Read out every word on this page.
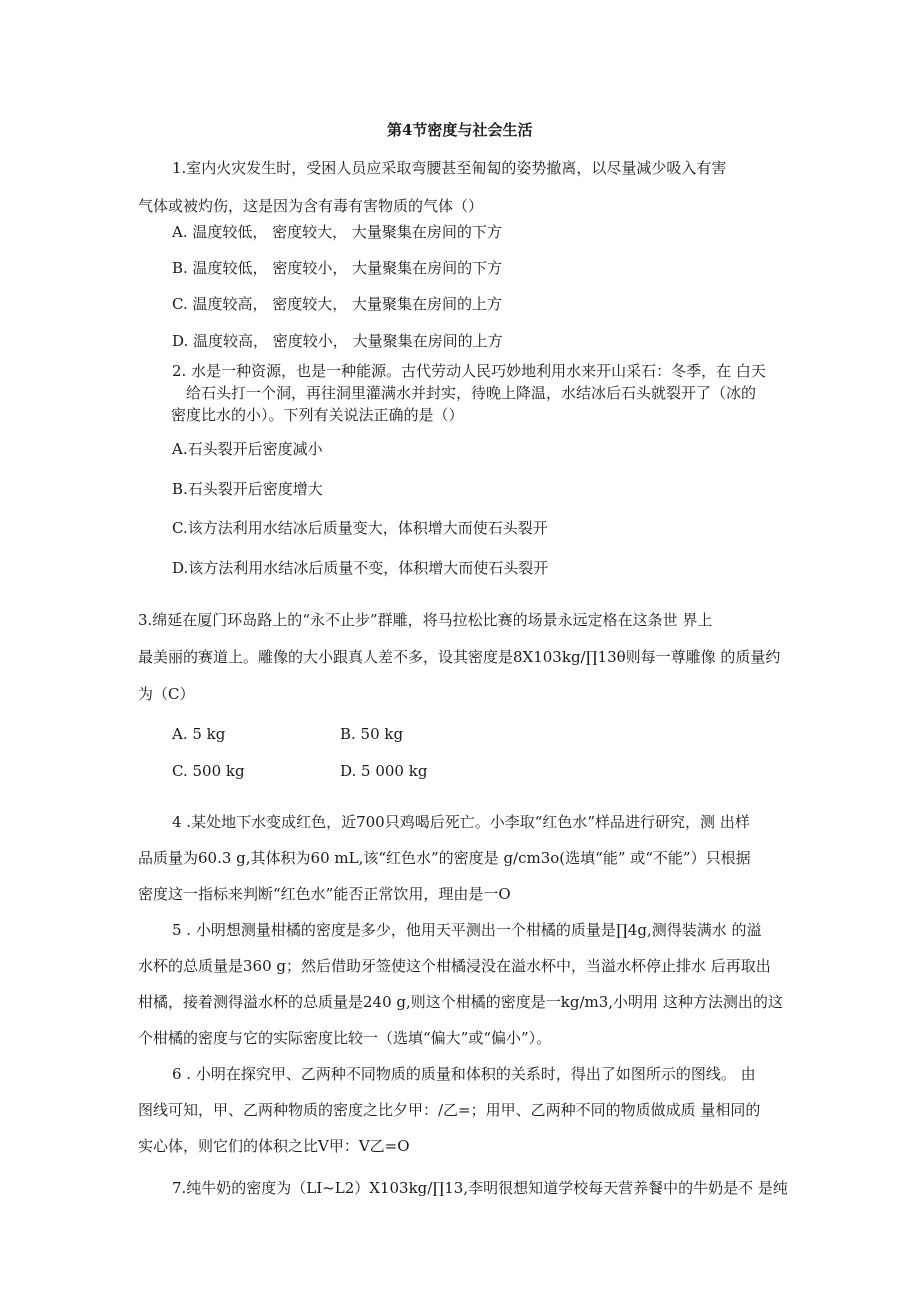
第4节密度与社会生活
1.室内火灾发生时，受困人员应采取弯腰甚至匍匐的姿势撤离，以尽量减少吸入有害
气体或被灼伤，这是因为含有毒有害物质的气体（）
A. 温度较低， 密度较大， 大量聚集在房间的下方
B. 温度较低， 密度较小， 大量聚集在房间的下方
C. 温度较高， 密度较大， 大量聚集在房间的上方
D. 温度较高， 密度较小， 大量聚集在房间的上方
2. 水是一种资源，也是一种能源。古代劳动人民巧妙地利用水来开山采石：冬季，在 白天
给石头打一个洞，再往洞里灌满水并封实，待晚上降温，水结冰后石头就裂开了（冰的
密度比水的小）。下列有关说法正确的是（）
A.石头裂开后密度减小
B.石头裂开后密度增大
C.该方法利用水结冰后质量变大，体积增大而使石头裂开
D.该方法利用水结冰后质量不变，体积增大而使石头裂开
3.绵延在厦门环岛路上的“永不止步”群雕，将马拉松比赛的场景永远定格在这条世 界上
最美丽的赛道上。雕像的大小跟真人差不多，设其密度是8X103kg∕∏13θ则每一尊雕像 的质量约
为（C）
A. 5 kg	B. 50 kg
C. 500 kg	D. 5 000 kg
4 .某处地下水变成红色，近700只鸡喝后死亡。小李取“红色水”样品进行研究，测 出样
品质量为60.3 g,其体积为60 mL,该“红色水”的密度是 g∕cm3o(选填“能” 或“不能”）只根据
密度这一指标来判断“红色水”能否正常饮用，理由是一O
5 . 小明想测量柑橘的密度是多少，他用天平测出一个柑橘的质量是∏4g,测得装满水 的溢
水杯的总质量是360 g；然后借助牙签使这个柑橘浸没在溢水杯中，当溢水杯停止排水 后再取出
柑橘，接着测得溢水杯的总质量是240 g,则这个柑橘的密度是一kg∕m3,小明用 这种方法测出的这
个柑橘的密度与它的实际密度比较一（选填“偏大”或“偏小”）。
6 . 小明在探究甲、乙两种不同物质的质量和体积的关系时，得出了如图所示的图线。 由
图线可知，甲、乙两种物质的密度之比夕甲：/乙=；用甲、乙两种不同的物质做成质 量相同的
实心体，则它们的体积之比V甲：V乙=O
7.纯牛奶的密度为（LI~L2）X103kg∕∏13,李明很想知道学校每天营养餐中的牛奶是不 是纯
